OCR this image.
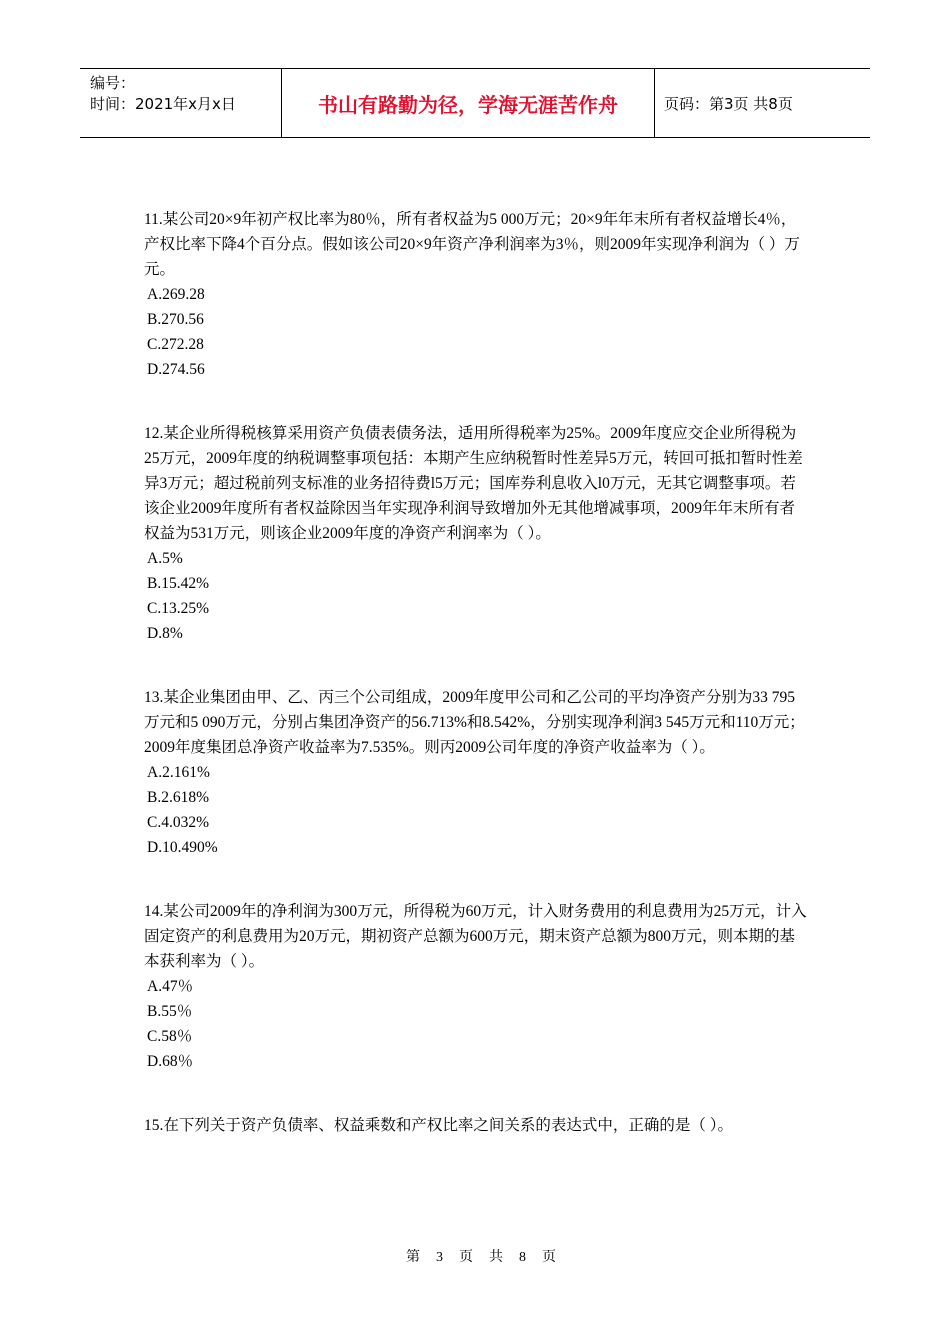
编号：
时间：2021年x月x日	书山有路勤为径，学海无涯苦作舟	页码：第3页 共8页

11.某公司20×9年初产权比率为80％，所有者权益为5 000万元；20×9年年末所有者权益增长4％，产权比率下降4个百分点。假如该公司20×9年资产净利润率为3％，则2009年实现净利润为（ ）万元。

A.269.28
B.270.56
C.272.28
D.274.56

12.某企业所得税核算采用资产负债表债务法，适用所得税率为25%。2009年度应交企业所得税为25万元，2009年度的纳税调整事项包括：本期产生应纳税暂时性差异5万元，转回可抵扣暂时性差异3万元；超过税前列支标准的业务招待费l5万元；国库券利息收入l0万元，无其它调整事项。若该企业2009年度所有者权益除因当年实现净利润导致增加外无其他增减事项，2009年年末所有者权益为531万元，则该企业2009年度的净资产利润率为（ ）。

A.5%
B.15.42%
C.13.25%
D.8%

13.某企业集团由甲、乙、丙三个公司组成，2009年度甲公司和乙公司的平均净资产分别为33 795万元和5 090万元，分别占集团净资产的56.713%和8.542%，分别实现净利润3 545万元和110万元；2009年度集团总净资产收益率为7.535%。则丙2009公司年度的净资产收益率为（ ）。

A.2.161%
B.2.618%
C.4.032%
D.10.490%

14.某公司2009年的净利润为300万元，所得税为60万元，计入财务费用的利息费用为25万元，计入固定资产的利息费用为20万元，期初资产总额为600万元，期末资产总额为800万元，则本期的基本获利率为（ ）。

A.47％
B.55％
C.58％
D.68％

15.在下列关于资产负债率、权益乘数和产权比率之间关系的表达式中，正确的是（ ）。

第 3 页 共 8 页
